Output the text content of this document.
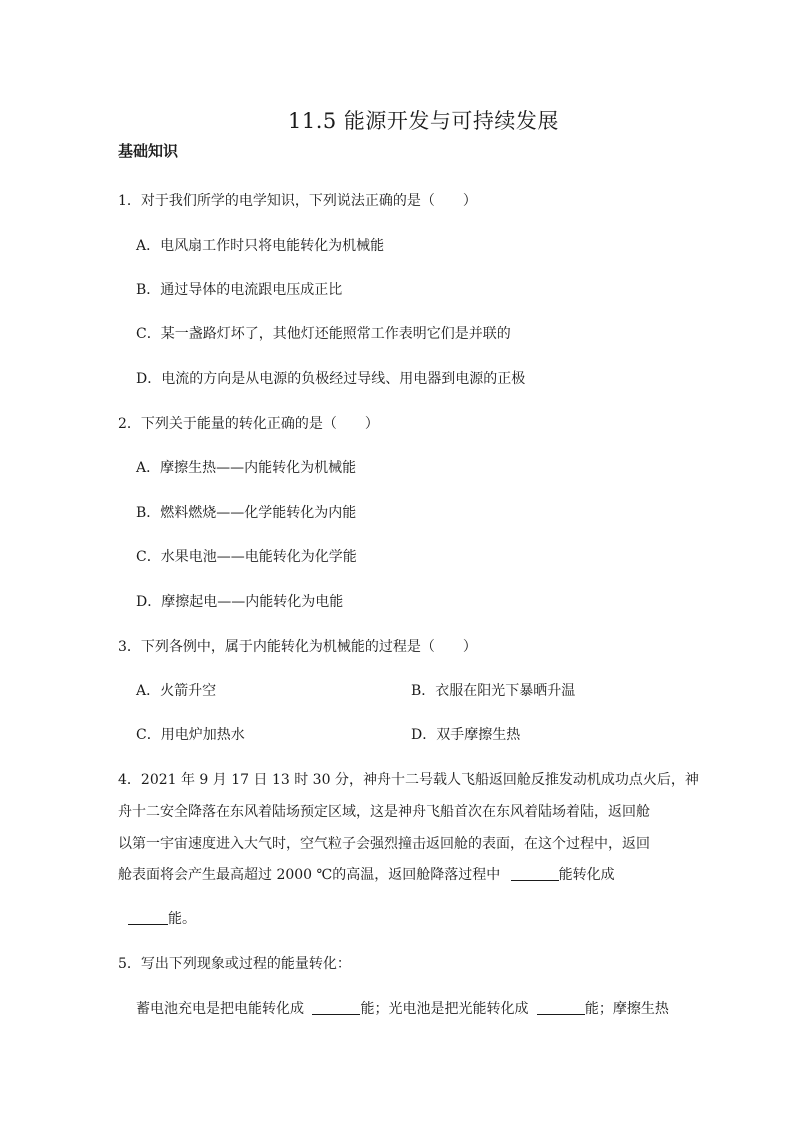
11.5 能源开发与可持续发展
基础知识
1．对于我们所学的电学知识，下列说法正确的是（　　）
A．电风扇工作时只将电能转化为机械能
B．通过导体的电流跟电压成正比
C．某一盏路灯坏了，其他灯还能照常工作表明它们是并联的
D．电流的方向是从电源的负极经过导线、用电器到电源的正极
2．下列关于能量的转化正确的是（　　）
A．摩擦生热——内能转化为机械能
B．燃料燃烧——化学能转化为内能
C．水果电池——电能转化为化学能
D．摩擦起电——内能转化为电能
3．下列各例中，属于内能转化为机械能的过程是（　　）
A．火箭升空	B．衣服在阳光下暴晒升温
C．用电炉加热水	D．双手摩擦生热
4．2021 年 9 月 17 日 13 时 30 分，神舟十二号载人飞船返回舱反推发动机成功点火后，神
舟十二安全降落在东风着陆场预定区域，这是神舟飞船首次在东风着陆场着陆，返回舱
以第一宇宙速度进入大气时，空气粒子会强烈撞击返回舱的表面，在这个过程中，返回
舱表面将会产生最高超过 2000 ℃的高温，返回舱降落过程中	能转化成
能。
5．写出下列现象或过程的能量转化：
蓄电池充电是把电能转化成	能；光电池是把光能转化成	能；摩擦生热
